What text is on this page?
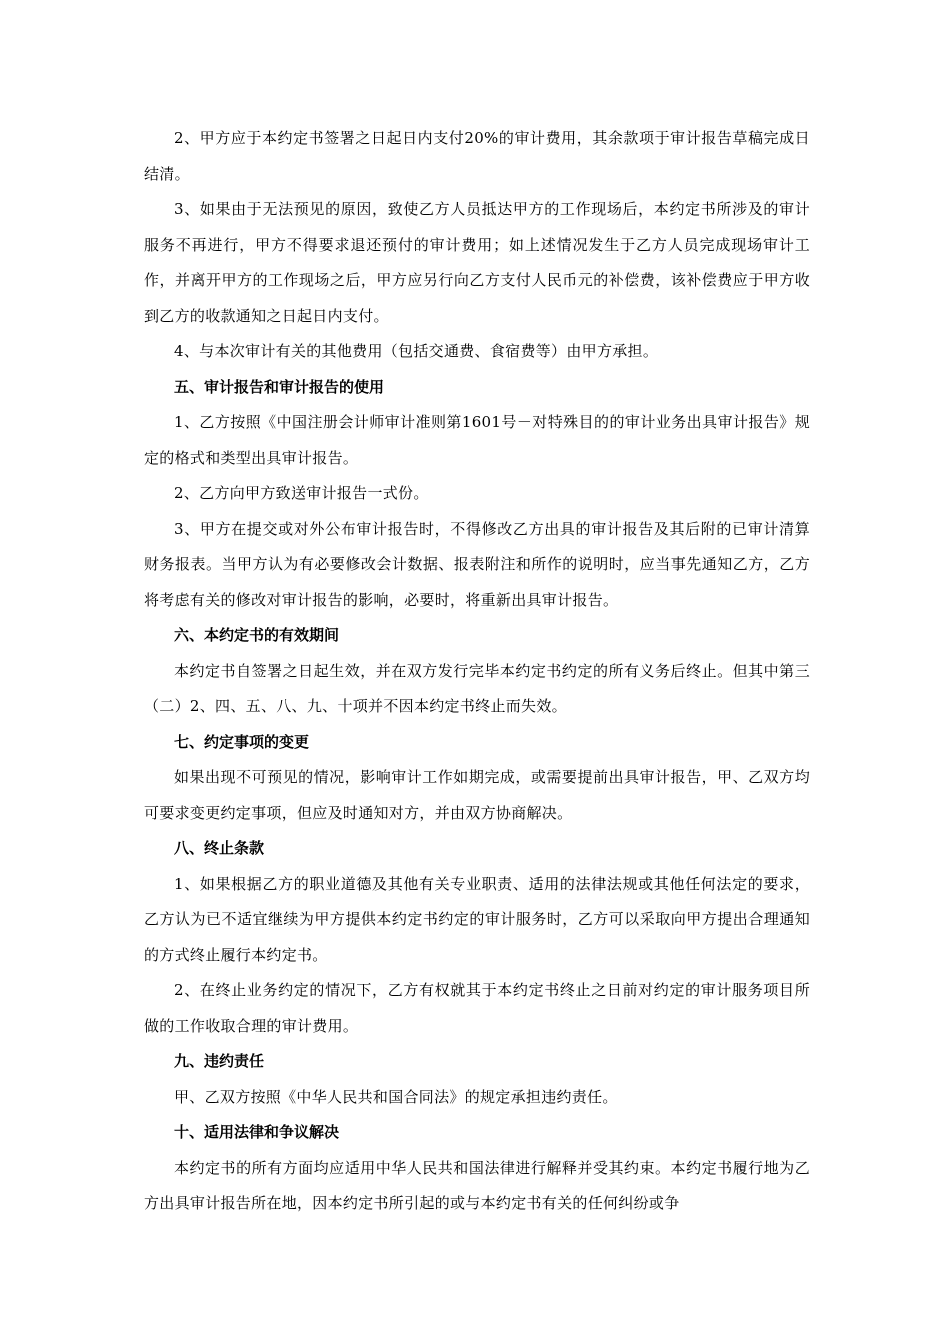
2、甲方应于本约定书签署之日起日内支付20%的审计费用，其余款项于审计报告草稿完成日结清。

3、如果由于无法预见的原因，致使乙方人员抵达甲方的工作现场后，本约定书所涉及的审计服务不再进行，甲方不得要求退还预付的审计费用；如上述情况发生于乙方人员完成现场审计工作，并离开甲方的工作现场之后，甲方应另行向乙方支付人民币元的补偿费，该补偿费应于甲方收到乙方的收款通知之日起日内支付。

4、与本次审计有关的其他费用（包括交通费、食宿费等）由甲方承担。

五、审计报告和审计报告的使用

1、乙方按照《中国注册会计师审计准则第1601号－对特殊目的的审计业务出具审计报告》规定的格式和类型出具审计报告。

2、乙方向甲方致送审计报告一式份。

3、甲方在提交或对外公布审计报告时，不得修改乙方出具的审计报告及其后附的已审计清算财务报表。当甲方认为有必要修改会计数据、报表附注和所作的说明时，应当事先通知乙方，乙方将考虑有关的修改对审计报告的影响，必要时，将重新出具审计报告。

六、本约定书的有效期间

本约定书自签署之日起生效，并在双方发行完毕本约定书约定的所有义务后终止。但其中第三（二）2、四、五、八、九、十项并不因本约定书终止而失效。

七、约定事项的变更

如果出现不可预见的情况，影响审计工作如期完成，或需要提前出具审计报告，甲、乙双方均可要求变更约定事项，但应及时通知对方，并由双方协商解决。

八、终止条款

1、如果根据乙方的职业道德及其他有关专业职责、适用的法律法规或其他任何法定的要求，乙方认为已不适宜继续为甲方提供本约定书约定的审计服务时，乙方可以采取向甲方提出合理通知的方式终止履行本约定书。

2、在终止业务约定的情况下，乙方有权就其于本约定书终止之日前对约定的审计服务项目所做的工作收取合理的审计费用。

九、违约责任

甲、乙双方按照《中华人民共和国合同法》的规定承担违约责任。

十、适用法律和争议解决

本约定书的所有方面均应适用中华人民共和国法律进行解释并受其约束。本约定书履行地为乙方出具审计报告所在地，因本约定书所引起的或与本约定书有关的任何纠纷或争
